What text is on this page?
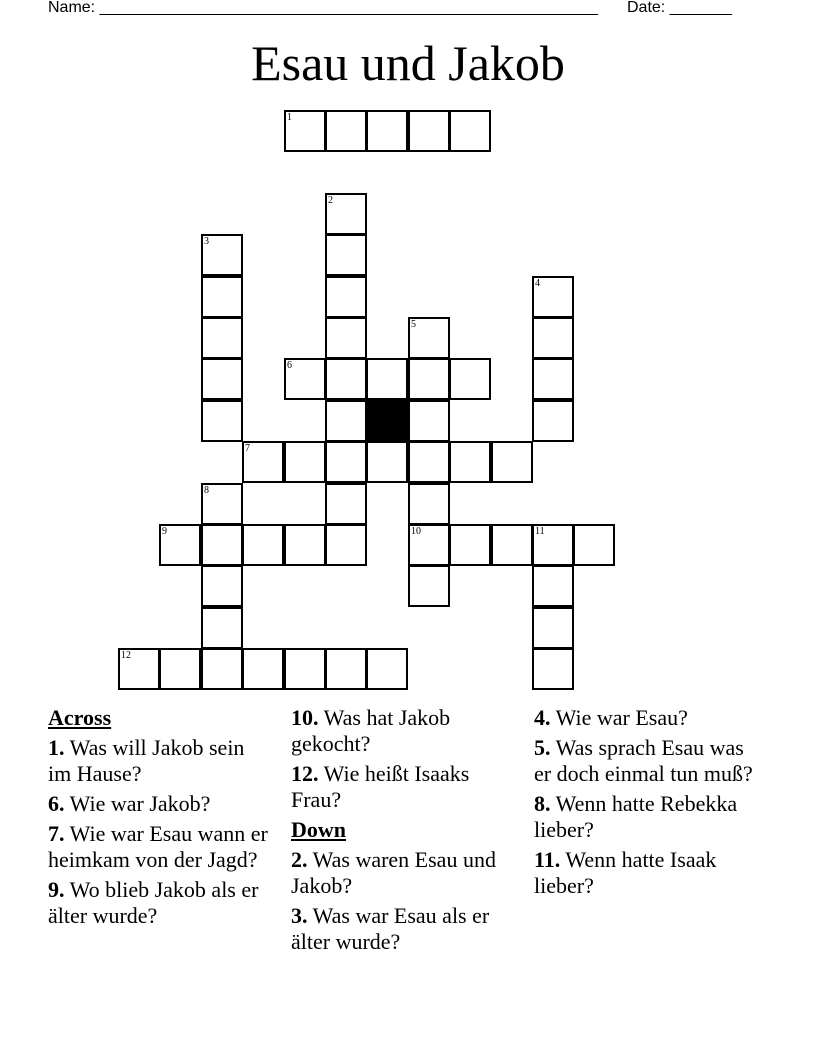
Name: ________________________________________________________ Date: _______
Esau und Jakob
1
2
3
4
5
6
7
8
9	10	11
12
Across
1. Was will Jakob sein im Hause?
6. Wie war Jakob?
7. Wie war Esau wann er heimkam von der Jagd?
9. Wo blieb Jakob als er älter wurde?
10. Was hat Jakob gekocht?
12. Wie heißt Isaaks Frau?
Down
2. Was waren Esau und Jakob?
3. Was war Esau als er älter wurde?
4. Wie war Esau?
5. Was sprach Esau was er doch einmal tun muß?
8. Wenn hatte Rebekka lieber?
11. Wenn hatte Isaak lieber?
